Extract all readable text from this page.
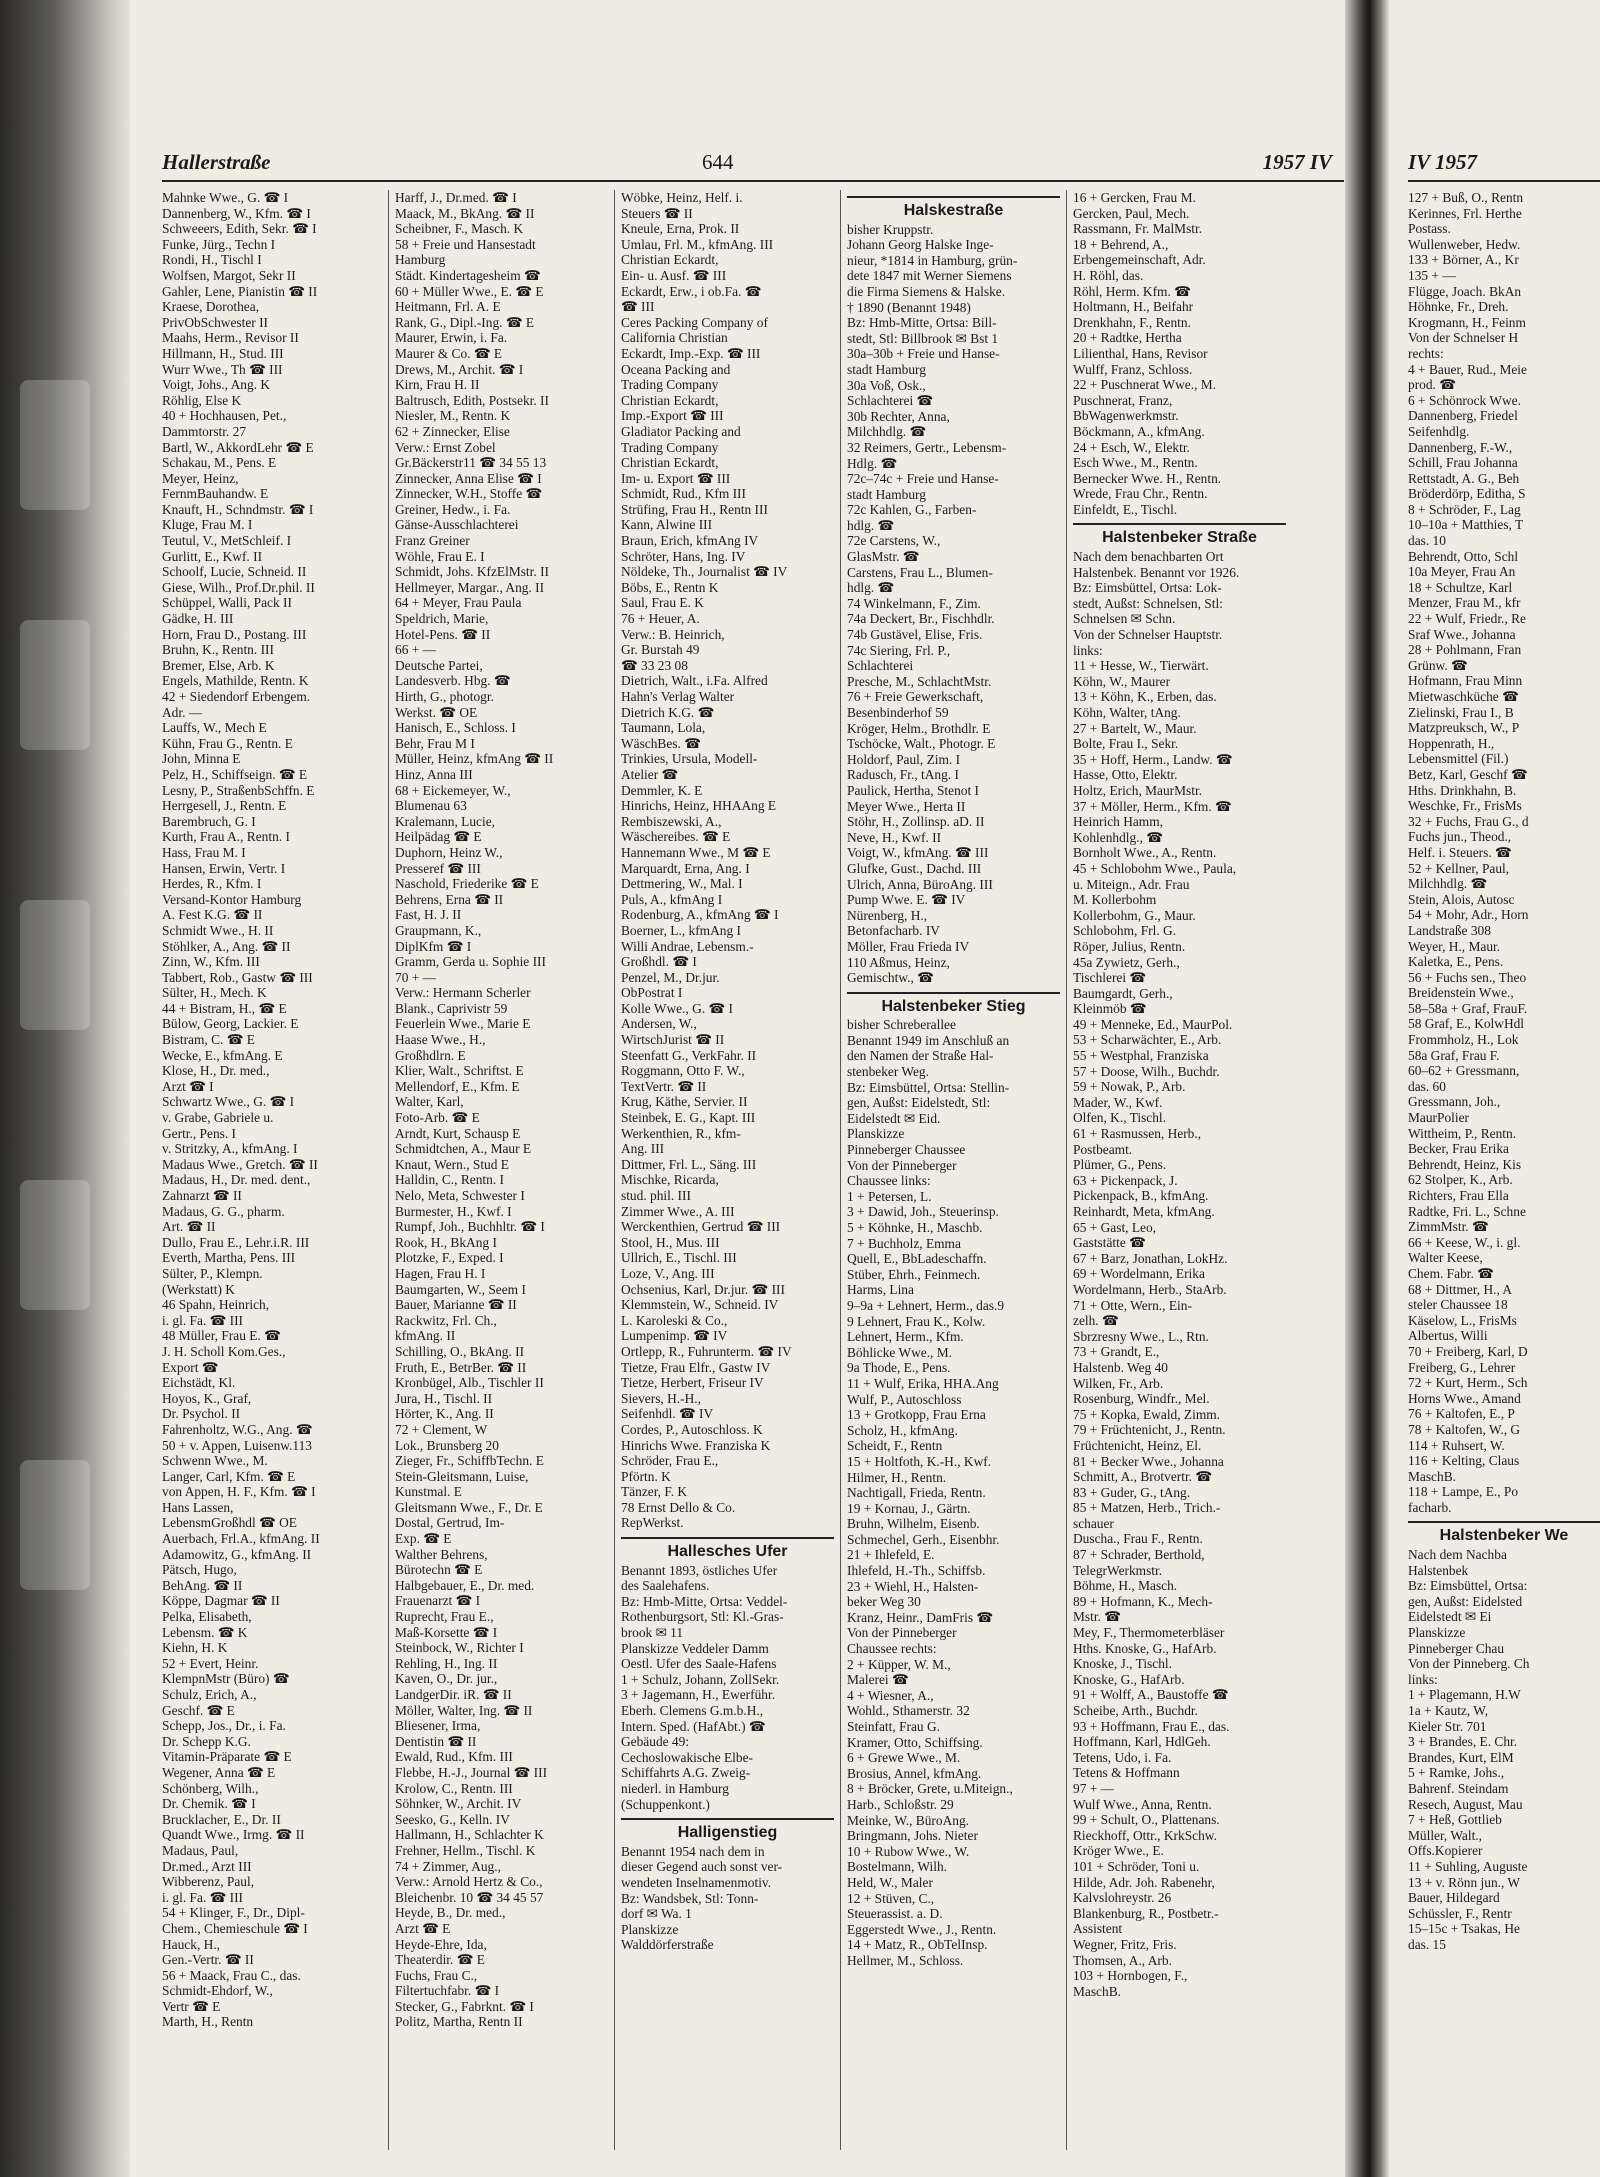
Hallerstraße	644	1957 IV
Mahnke Wwe., G. ☎ I
Dannenberg, W., Kfm. ☎ I
Schweeers, Edith, Sekr. ☎ I
Funke, Jürg., Techn I
Rondi, H., Tischl I
Wolfsen, Margot, Sekr II
Gahler, Lene, Pianistin ☎ II
Kraese, Dorothea,
PrivObSchwester II
Maahs, Herm., Revisor II
Hillmann, H., Stud. III
Wurr Wwe., Th ☎ III
Voigt, Johs., Ang. K
Röhlig, Else K
40 + Hochhausen, Pet.,
Dammtorstr. 27
Bartl, W., AkkordLehr ☎ E
Schakau, M., Pens. E
Meyer, Heinz,
FernmBauhandw. E
Knauft, H., Schndmstr. ☎ I
Kluge, Frau M. I
Teutul, V., MetSchleif. I
Gurlitt, E., Kwf. II
Schoolf, Lucie, Schneid. II
Giese, Wilh., Prof.Dr.phil. II
Schüppel, Walli, Pack II
Gädke, H. III
Horn, Frau D., Postang. III
Bruhn, K., Rentn. III
Bremer, Else, Arb. K
Engels, Mathilde, Rentn. K
42 + Siedendorf Erbengem.
Adr. —
Lauffs, W., Mech E
Kühn, Frau G., Rentn. E
John, Minna E
Pelz, H., Schiffseign. ☎ E
Lesny, P., StraßenbSchffn. E
Herrgesell, J., Rentn. E
Barembruch, G. I
Kurth, Frau A., Rentn. I
Hass, Frau M. I
Hansen, Erwin, Vertr. I
Herdes, R., Kfm. I
Versand-Kontor Hamburg
A. Fest K.G. ☎ II
Schmidt Wwe., H. II
Stöhlker, A., Ang. ☎ II
Zinn, W., Kfm. III
Tabbert, Rob., Gastw ☎ III
Sülter, H., Mech. K
44 + Bistram, H., ☎ E
Bülow, Georg, Lackier. E
Bistram, C. ☎ E
Wecke, E., kfmAng. E
Klose, H., Dr. med.,
Arzt ☎ I
Schwartz Wwe., G. ☎ I
v. Grabe, Gabriele u.
Gertr., Pens. I
v. Stritzky, A., kfmAng. I
Madaus Wwe., Gretch. ☎ II
Madaus, H., Dr. med. dent.,
Zahnarzt ☎ II
Madaus, G. G., pharm.
Art. ☎ II
Dullo, Frau E., Lehr.i.R. III
Everth, Martha, Pens. III
Sülter, P., Klempn.
(Werkstatt) K
46 Spahn, Heinrich,
i. gl. Fa. ☎ III
48 Müller, Frau E. ☎
J. H. Scholl Kom.Ges.,
Export ☎
Eichstädt, Kl.
Hoyos, K., Graf,
Dr. Psychol. II
Fahrenholtz, W.G., Ang. ☎
50 + v. Appen, Luisenw.113
Schwenn Wwe., M.
Langer, Carl, Kfm. ☎ E
von Appen, H. F., Kfm. ☎ I
Hans Lassen,
LebensmGroßhdl ☎ OE
Auerbach, Frl.A., kfmAng. II
Adamowitz, G., kfmAng. II
Pätsch, Hugo,
BehAng. ☎ II
Köppe, Dagmar ☎ II
Pelka, Elisabeth,
Lebensm. ☎ K
Kiehn, H. K
52 + Evert, Heinr.
KlempnMstr (Büro) ☎
Schulz, Erich, A.,
Geschf. ☎ E
Schepp, Jos., Dr., i. Fa.
Dr. Schepp K.G.
Vitamin-Präparate ☎ E
Wegener, Anna ☎ E
Schönberg, Wilh.,
Dr. Chemik. ☎ I
Brucklacher, E., Dr. II
Quandt Wwe., Irmg. ☎ II
Madaus, Paul,
Dr.med., Arzt III
Wibberenz, Paul,
i. gl. Fa. ☎ III
54 + Klinger, F., Dr., Dipl-
Chem., Chemieschule ☎ I
Hauck, H.,
Gen.-Vertr. ☎ II
56 + Maack, Frau C., das.
Schmidt-Ehdorf, W.,
Vertr ☎ E
Marth, H., Rentn
Harff, J., Dr.med. ☎ I
Maack, M., BkAng. ☎ II
Scheibner, F., Masch. K
58 + Freie und Hansestadt
Hamburg
Städt. Kindertagesheim ☎
60 + Müller Wwe., E. ☎ E
Heitmann, Frl. A. E
Rank, G., Dipl.-Ing. ☎ E
Maurer, Erwin, i. Fa.
Maurer & Co. ☎ E
Drews, M., Archit. ☎ I
Kirn, Frau H. II
Baltrusch, Edith, Postsekr. II
Niesler, M., Rentn. K
62 + Zinnecker, Elise
Verw.: Ernst Zobel
Gr.Bäckerstr11 ☎ 34 55 13
Zinnecker, Anna Elise ☎ I
Zinnecker, W.H., Stoffe ☎
Greiner, Hedw., i. Fa.
Gänse-Ausschlachterei
Franz Greiner
Wöhle, Frau E. I
Schmidt, Johs. KfzElMstr. II
Hellmeyer, Margar., Ang. II
64 + Meyer, Frau Paula
Speldrich, Marie,
Hotel-Pens. ☎ II
66 + —
Deutsche Partei,
Landesverb. Hbg. ☎
Hirth, G., photogr.
Werkst. ☎ OE
Hanisch, E., Schloss. I
Behr, Frau M I
Müller, Heinz, kfmAng ☎ II
Hinz, Anna III
68 + Eickemeyer, W.,
Blumenau 63
Kralemann, Lucie,
Heilpädag ☎ E
Duphorn, Heinz W.,
Presseref ☎ III
Naschold, Friederike ☎ E
Behrens, Erna ☎ II
Fast, H. J. II
Graupmann, K.,
DiplKfm ☎ I
Gramm, Gerda u. Sophie III
70 + —
Verw.: Hermann Scherler
Blank., Caprivistr 59
Feuerlein Wwe., Marie E
Haase Wwe., H.,
Großhdlrn. E
Klier, Walt., Schriftst. E
Mellendorf, E., Kfm. E
Walter, Karl,
Foto-Arb. ☎ E
Arndt, Kurt, Schausp E
Schmidtchen, A., Maur E
Knaut, Wern., Stud E
Halldin, C., Rentn. I
Nelo, Meta, Schwester I
Burmester, H., Kwf. I
Rumpf, Joh., Buchhltr. ☎ I
Rook, H., BkAng I
Plotzke, F., Exped. I
Hagen, Frau H. I
Baumgarten, W., Seem I
Bauer, Marianne ☎ II
Rackwitz, Frl. Ch.,
kfmAng. II
Schilling, O., BkAng. II
Fruth, E., BetrBer. ☎ II
Kronbügel, Alb., Tischler II
Jura, H., Tischl. II
Hörter, K., Ang. II
72 + Clement, W
Lok., Brunsberg 20
Zieger, Fr., SchiffbTechn. E
Stein-Gleitsmann, Luise,
Kunstmal. E
Gleitsmann Wwe., F., Dr. E
Dostal, Gertrud, Im-
Exp. ☎ E
Walther Behrens,
Bürotechn ☎ E
Halbgebauer, E., Dr. med.
Frauenarzt ☎ I
Ruprecht, Frau E.,
Maß-Korsette ☎ I
Steinbock, W., Richter I
Rehling, H., Ing. II
Kaven, O., Dr. jur.,
LandgerDir. iR. ☎ II
Möller, Walter, Ing. ☎ II
Bliesener, Irma,
Dentistin ☎ II
Ewald, Rud., Kfm. III
Flebbe, H.-J., Journal ☎ III
Krolow, C., Rentn. III
Söhnker, W., Archit. IV
Seesko, G., Kelln. IV
Hallmann, H., Schlachter K
Frehner, Hellm., Tischl. K
74 + Zimmer, Aug.,
Verw.: Arnold Hertz & Co.,
Bleichenbr. 10 ☎ 34 45 57
Heyde, B., Dr. med.,
Arzt ☎ E
Heyde-Ehre, Ida,
Theaterdir. ☎ E
Fuchs, Frau C.,
Filtertuchfabr. ☎ I
Stecker, G., Fabrknt. ☎ I
Politz, Martha, Rentn II
Wöbke, Heinz, Helf. i.
Steuers ☎ II
Kneule, Erna, Prok. II
Umlau, Frl. M., kfmAng. III
Christian Eckardt,
Ein- u. Ausf. ☎ III
Eckardt, Erw., i ob.Fa. ☎
☎ III
Ceres Packing Company of
California Christian
Eckardt, Imp.-Exp. ☎ III
Oceana Packing and
Trading Company
Christian Eckardt,
Imp.-Export ☎ III
Gladiator Packing and
Trading Company
Christian Eckardt,
Im- u. Export ☎ III
Schmidt, Rud., Kfm III
Strüfing, Frau H., Rentn III
Kann, Alwine III
Braun, Erich, kfmAng IV
Schröter, Hans, Ing. IV
Nöldeke, Th., Journalist ☎ IV
Böbs, E., Rentn K
Saul, Frau E. K
76 + Heuer, A.
Verw.: B. Heinrich,
Gr. Burstah 49
☎ 33 23 08
Dietrich, Walt., i.Fa. Alfred
Hahn's Verlag Walter
Dietrich K.G. ☎
Taumann, Lola,
WäschBes. ☎
Trinkies, Ursula, Modell-
Atelier ☎
Demmler, K. E
Hinrichs, Heinz, HHAAng E
Rembiszewski, A.,
Wäschereibes. ☎ E
Hannemann Wwe., M ☎ E
Marquardt, Erna, Ang. I
Dettmering, W., Mal. I
Puls, A., kfmAng I
Rodenburg, A., kfmAng ☎ I
Boerner, L., kfmAng I
Willi Andrae, Lebensm.-
Großhdl. ☎ I
Penzel, M., Dr.jur.
ObPostrat I
Kolle Wwe., G. ☎ I
Andersen, W.,
WirtschJurist ☎ II
Steenfatt G., VerkFahr. II
Roggmann, Otto F. W.,
TextVertr. ☎ II
Krug, Käthe, Servier. II
Steinbek, E. G., Kapt. III
Werkenthien, R., kfm-
Ang. III
Dittmer, Frl. L., Säng. III
Mischke, Ricarda,
stud. phil. III
Zimmer Wwe., A. III
Werckenthien, Gertrud ☎ III
Stool, H., Mus. III
Ullrich, E., Tischl. III
Loze, V., Ang. III
Ochsenius, Karl, Dr.jur. ☎ III
Klemmstein, W., Schneid. IV
L. Karoleski & Co.,
Lumpenimp. ☎ IV
Ortlepp, R., Fuhrunterm. ☎ IV
Tietze, Frau Elfr., Gastw IV
Tietze, Herbert, Friseur IV
Sievers, H.-H.,
Seifenhdl. ☎ IV
Cordes, P., Autoschloss. K
Hinrichs Wwe. Franziska K
Schröder, Frau E.,
Pförtn. K
Tänzer, F. K
78 Ernst Dello & Co.
RepWerkst.
Hallesches Ufer
Benannt 1893, östliches Ufer
des Saalehafens.
Bz: Hmb-Mitte, Ortsa: Veddel-
Rothenburgsort, Stl: Kl.-Gras-
brook ✉ 11
Planskizze Veddeler Damm
Oestl. Ufer des Saale-Hafens
1 + Schulz, Johann, ZollSekr.
3 + Jagemann, H., Ewerführ.
Eberh. Clemens G.m.b.H.,
Intern. Sped. (HafAbt.) ☎
Gebäude 49:
Cechoslowakische Elbe-
Schiffahrts A.G. Zweig-
niederl. in Hamburg
(Schuppenkont.)
Halligenstieg
Benannt 1954 nach dem in
dieser Gegend auch sonst ver-
wendeten Inselnamenmotiv.
Bz: Wandsbek, Stl: Tonn-
dorf ✉ Wa. 1
Planskizze
Walddörferstraße
Halskestraße
bisher Kruppstr.
Johann Georg Halske Inge-
nieur, *1814 in Hamburg, grün-
dete 1847 mit Werner Siemens
die Firma Siemens & Halske.
† 1890 (Benannt 1948)
Bz: Hmb-Mitte, Ortsa: Bill-
stedt, Stl: Billbrook ✉ Bst 1
30a–30b + Freie und Hanse-
stadt Hamburg
30a Voß, Osk.,
Schlachterei ☎
30b Rechter, Anna,
Milchhdlg. ☎
32 Reimers, Gertr., Lebensm-
Hdlg. ☎
72c–74c + Freie und Hanse-
stadt Hamburg
72c Kahlen, G., Farben-
hdlg. ☎
72e Carstens, W.,
GlasMstr. ☎
Carstens, Frau L., Blumen-
hdlg. ☎
74 Winkelmann, F., Zim.
74a Deckert, Br., Fischhdlr.
74b Gustävel, Elise, Fris.
74c Siering, Frl. P.,
Schlachterei
Presche, M., SchlachtMstr.
76 + Freie Gewerkschaft,
Besenbinderhof 59
Kröger, Helm., Brothdlr. E
Tschöcke, Walt., Photogr. E
Holdorf, Paul, Zim. I
Radusch, Fr., tAng. I
Paulick, Hertha, Stenot I
Meyer Wwe., Herta II
Stöhr, H., Zollinsp. aD. II
Neve, H., Kwf. II
Voigt, W., kfmAng. ☎ III
Glufke, Gust., Dachd. III
Ulrich, Anna, BüroAng. III
Pump Wwe. E. ☎ IV
Nürenberg, H.,
Betonfacharb. IV
Möller, Frau Frieda IV
110 Aßmus, Heinz,
Gemischtw., ☎
Halstenbeker Stieg
bisher Schreberallee
Benannt 1949 im Anschluß an
den Namen der Straße Hal-
stenbeker Weg.
Bz: Eimsbüttel, Ortsa: Stellin-
gen, Außst: Eidelstedt, Stl:
Eidelstedt ✉ Eid.
Planskizze
Pinneberger Chaussee
Von der Pinneberger
Chaussee links:
1 + Petersen, L.
3 + Dawid, Joh., Steuerinsp.
5 + Köhnke, H., Maschb.
7 + Buchholz, Emma
Quell, E., BbLadeschaffn.
Stüber, Ehrh., Feinmech.
Harms, Lina
9–9a + Lehnert, Herm., das.9
9 Lehnert, Frau K., Kolw.
Lehnert, Herm., Kfm.
Böhlicke Wwe., M.
9a Thode, E., Pens.
11 + Wulf, Erika, HHA.Ang
Wulf, P., Autoschloss
13 + Grotkopp, Frau Erna
Scholz, H., kfmAng.
Scheidt, F., Rentn
15 + Holtfoth, K.-H., Kwf.
Hilmer, H., Rentn.
Nachtigall, Frieda, Rentn.
19 + Kornau, J., Gärtn.
Bruhn, Wilhelm, Eisenb.
Schmechel, Gerh., Eisenbhr.
21 + Ihlefeld, E.
Ihlefeld, H.-Th., Schiffsb.
23 + Wiehl, H., Halsten-
beker Weg 30
Kranz, Heinr., DamFris ☎
Von der Pinneberger
Chaussee rechts:
2 + Küpper, W. M.,
Malerei ☎
4 + Wiesner, A.,
Wohld., Sthamerstr. 32
Steinfatt, Frau G.
Kramer, Otto, Schiffsing.
6 + Grewe Wwe., M.
Brosius, Annel, kfmAng.
8 + Bröcker, Grete, u.Miteign.,
Harb., Schloßstr. 29
Meinke, W., BüroAng.
Bringmann, Johs. Nieter
10 + Rubow Wwe., W.
Bostelmann, Wilh.
Held, W., Maler
12 + Stüven, C.,
Steuerassist. a. D.
Eggerstedt Wwe., J., Rentn.
14 + Matz, R., ObTelInsp.
Hellmer, M., Schloss.
16 + Gercken, Frau M.
Gercken, Paul, Mech.
Rassmann, Fr. MalMstr.
18 + Behrend, A.,
Erbengemeinschaft, Adr.
H. Röhl, das.
Röhl, Herm. Kfm. ☎
Holtmann, H., Beifahr
Drenkhahn, F., Rentn.
20 + Radtke, Hertha
Lilienthal, Hans, Revisor
Wulff, Franz, Schloss.
22 + Puschnerat Wwe., M.
Puschnerat, Franz,
BbWagenwerkmstr.
Böckmann, A., kfmAng.
24 + Esch, W., Elektr.
Esch Wwe., M., Rentn.
Bernecker Wwe. H., Rentn.
Wrede, Frau Chr., Rentn.
Einfeldt, E., Tischl.
Halstenbeker Straße
Nach dem benachbarten Ort
Halstenbek. Benannt vor 1926.
Bz: Eimsbüttel, Ortsa: Lok-
stedt, Außst: Schnelsen, Stl:
Schnelsen ✉ Schn.
Von der Schnelser Hauptstr.
links:
11 + Hesse, W., Tierwärt.
Köhn, W., Maurer
13 + Köhn, K., Erben, das.
Köhn, Walter, tAng.
27 + Bartelt, W., Maur.
Bolte, Frau I., Sekr.
35 + Hoff, Herm., Landw. ☎
Hasse, Otto, Elektr.
Holtz, Erich, MaurMstr.
37 + Möller, Herm., Kfm. ☎
Heinrich Hamm,
Kohlenhdlg., ☎
Bornholt Wwe., A., Rentn.
45 + Schlobohm Wwe., Paula,
u. Miteign., Adr. Frau
M. Kollerbohm
Kollerbohm, G., Maur.
Schlobohm, Frl. G.
Röper, Julius, Rentn.
45a Zywietz, Gerh.,
Tischlerei ☎
Baumgardt, Gerh.,
Kleinmöb ☎
49 + Menneke, Ed., MaurPol.
53 + Scharwächter, E., Arb.
55 + Westphal, Franziska
57 + Doose, Wilh., Buchdr.
59 + Nowak, P., Arb.
Mader, W., Kwf.
Olfen, K., Tischl.
61 + Rasmussen, Herb.,
Postbeamt.
Plümer, G., Pens.
63 + Pickenpack, J.
Pickenpack, B., kfmAng.
Reinhardt, Meta, kfmAng.
65 + Gast, Leo,
Gaststätte ☎
67 + Barz, Jonathan, LokHz.
69 + Wordelmann, Erika
Wordelmann, Herb., StaArb.
71 + Otte, Wern., Ein-
zelh. ☎
Sbrzresny Wwe., L., Rtn.
73 + Grandt, E.,
Halstenb. Weg 40
Wilken, Fr., Arb.
Rosenburg, Windfr., Mel.
75 + Kopka, Ewald, Zimm.
79 + Früchtenicht, J., Rentn.
Früchtenicht, Heinz, El.
81 + Becker Wwe., Johanna
Schmitt, A., Brotvertr. ☎
83 + Guder, G., tAng.
85 + Matzen, Herb., Trich.-
schauer
Duscha., Frau F., Rentn.
87 + Schrader, Berthold,
TelegrWerkmstr.
Böhme, H., Masch.
89 + Hofmann, K., Mech-
Mstr. ☎
Mey, F., Thermometerbläser
Hths. Knoske, G., HafArb.
Knoske, J., Tischl.
Knoske, G., HafArb.
91 + Wolff, A., Baustoffe ☎
Scheibe, Arth., Buchdr.
93 + Hoffmann, Frau E., das.
Hoffmann, Karl, HdlGeh.
Tetens, Udo, i. Fa.
Tetens & Hoffmann
97 + —
Wulf Wwe., Anna, Rentn.
99 + Schult, O., Plattenans.
Rieckhoff, Ottr., KrkSchw.
Kröger Wwe., E.
101 + Schröder, Toni u.
Hilde, Adr. Joh. Rabenehr,
Kalvslohreystr. 26
Blankenburg, R., Postbetr.-
Assistent
Wegner, Fritz, Fris.
Thomsen, A., Arb.
103 + Hornbogen, F.,
MaschB.
IV 1957
127 + Buß, O., Rentn
Kerinnes, Frl. Herthe
Postass.
Wullenweber, Hedw.
133 + Börner, A., Kr
135 + —
Flügge, Joach. BkAn
Höhnke, Fr., Dreh.
Krogmann, H., Feinm
Von der Schnelser H
rechts:
4 + Bauer, Rud., Meie
prod. ☎
6 + Schönrock Wwe.
Dannenberg, Friedel
Seifenhdlg.
Dannenberg, F.-W.,
Schill, Frau Johanna
Rettstadt, A. G., Beh
Bröderdörp, Editha, S
8 + Schröder, F., Lag
10–10a + Matthies, T
das. 10
Behrendt, Otto, Schl
10a Meyer, Frau An
18 + Schultze, Karl
Menzer, Frau M., kfr
22 + Wulf, Friedr., Re
Sraf Wwe., Johanna
28 + Pohlmann, Fran
Grünw. ☎
Hofmann, Frau Minn
Mietwaschküche ☎
Zielinski, Frau I., B
Matzpreuksch, W., P
Hoppenrath, H.,
Lebensmittel (Fil.)
Betz, Karl, Geschf ☎
Hths. Drinkhahn, B.
Weschke, Fr., FrisMs
32 + Fuchs, Frau G., d
Fuchs jun., Theod.,
Helf. i. Steuers. ☎
52 + Kellner, Paul,
Milchhdlg. ☎
Stein, Alois, Autosc
54 + Mohr, Adr., Horn
Landstraße 308
Weyer, H., Maur.
Kaletka, E., Pens.
56 + Fuchs sen., Theo
Breidenstein Wwe.,
58–58a + Graf, FrauF.
58 Graf, E., KolwHdl
Frommholz, H., Lok
58a Graf, Frau F.
60–62 + Gressmann,
das. 60
Gressmann, Joh.,
MaurPolier
Wittheim, P., Rentn.
Becker, Frau Erika
Behrendt, Heinz, Kis
62 Stolper, K., Arb.
Richters, Frau Ella
Radtke, Fri. L., Schne
ZimmMstr. ☎
66 + Keese, W., i. gl.
Walter Keese,
Chem. Fabr. ☎
68 + Dittmer, H., A
steler Chaussee 18
Käselow, L., FrisMs
Albertus, Willi
70 + Freiberg, Karl, D
Freiberg, G., Lehrer
72 + Kurt, Herm., Sch
Horns Wwe., Amand
76 + Kaltofen, E., P
78 + Kaltofen, W., G
114 + Ruhsert, W.
116 + Kelting, Claus
MaschB.
118 + Lampe, E., Po
facharb.
Halstenbeker We
Nach dem Nachba
Halstenbek
Bz: Eimsbüttel, Ortsa:
gen, Außst: Eidelsted
Eidelstedt ✉ Ei
Planskizze
Pinneberger Chau
Von der Pinneberg. Ch
links:
1 + Plagemann, H.W
1a + Kautz, W,
Kieler Str. 701
3 + Brandes, E. Chr.
Brandes, Kurt, ElM
5 + Ramke, Johs.,
Bahrenf. Steindam
Resech, August, Mau
7 + Heß, Gottlieb
Müller, Walt.,
Offs.Kopierer
11 + Suhling, Auguste
13 + v. Rönn jun., W
Bauer, Hildegard
Schüssler, F., Rentr
15–15c + Tsakas, He
das. 15
